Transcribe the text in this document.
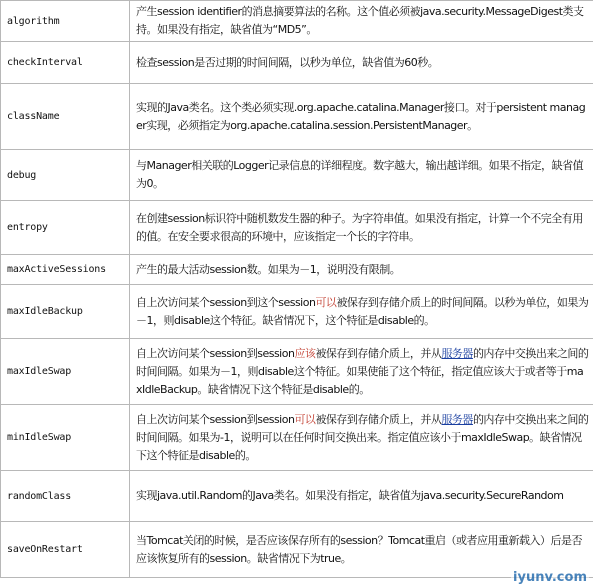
algorithm	产生session identifier的消息摘要算法的名称。这个值必须被java.security.MessageDigest类支持。如果没有指定，缺省值为“MD5”。
checkInterval	检查session是否过期的时间间隔，以秒为单位，缺省值为60秒。
className	实现的Java类名。这个类必须实现.org.apache.catalina.Manager接口。对于persistent manager实现，必须指定为org.apache.catalina.session.PersistentManager。
debug	与Manager相关联的Logger记录信息的详细程度。数字越大，输出越详细。如果不指定，缺省值为0。
entropy	在创建session标识符中随机数发生器的种子。为字符串值。如果没有指定，计算一个不完全有用的值。在安全要求很高的环境中，应该指定一个长的字符串。
maxActiveSessions	产生的最大活动session数。如果为－1，说明没有限制。
maxIdleBackup	自上次访问某个session到这个session可以被保存到存储介质上的时间间隔。以秒为单位，如果为－1，则disable这个特征。缺省情况下，这个特征是disable的。
maxIdleSwap	自上次访问某个session到session应该被保存到存储介质上，并从服务器的内存中交换出来之间的时间间隔。如果为－1，则disable这个特征。如果使能了这个特征，指定值应该大于或者等于maxIdleBackup。缺省情况下这个特征是disable的。
minIdleSwap	自上次访问某个session到session可以被保存到存储介质上，并从服务器的内存中交换出来之间的时间间隔。如果为-1，说明可以在任何时间交换出来。指定值应该小于maxIdleSwap。缺省情况下这个特征是disable的。
randomClass	实现java.util.Random的Java类名。如果没有指定，缺省值为java.security.SecureRandom
saveOnRestart	当Tomcat关闭的时候，是否应该保存所有的session？Tomcat重启（或者应用重新载入）后是否应该恢复所有的session。缺省情况下为true。
iyunv.com
